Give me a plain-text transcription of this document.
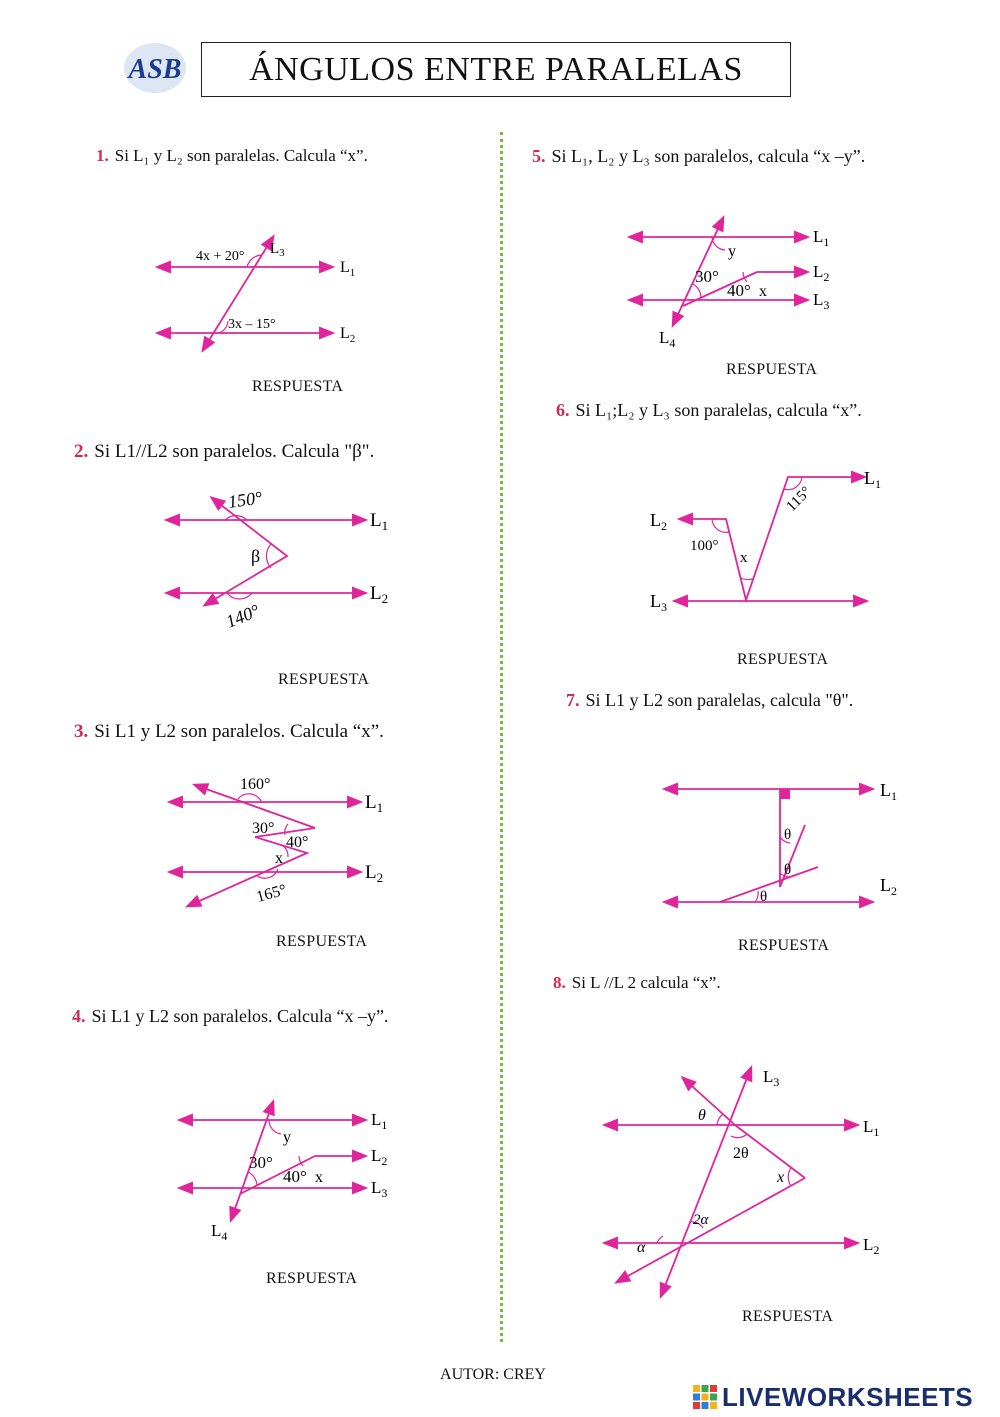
ASB	ÁNGULOS ENTRE PARALELAS
1. Si L₁ y L₂ son paralelas. Calcula “x”.
4x + 20°
3x – 15°
$L_3$
$L_1$
$L_2$
RESPUESTA
2. Si L1//L2 son paralelos. Calcula "β".
150°
β
140°
$L_1$
$L_2$
RESPUESTA
3. Si L1 y L2 son paralelos. Calcula “x”.
160°
30°
40°
x
165°
$L_1$
$L_2$
RESPUESTA
4. Si L1 y L2 son paralelos. Calcula “x –y”.
y
30°
40° x
$L_4$
$L_1$
$L_2$
$L_3$
RESPUESTA
5. Si L₁, L₂ y L₃ son paralelos, calcula “x –y”.
y
30°
40° x
$L_4$
$L_1$
$L_2$
$L_3$
RESPUESTA
6. Si L₁;L₂ y L₃ son paralelas, calcula “x”.
100°
x
115°
$L_1$
$L_2$
$L_3$
RESPUESTA
7. Si L1 y L2 son paralelas, calcula "θ".
θ
θ
θ
$L_1$
$L_2$
RESPUESTA
8. Si L //L 2 calcula “x”.
θ
2θ
x
2α
α
$L_3$
$L_1$
$L_2$
RESPUESTA
AUTOR: CREY
LIVEWORKSHEETS
